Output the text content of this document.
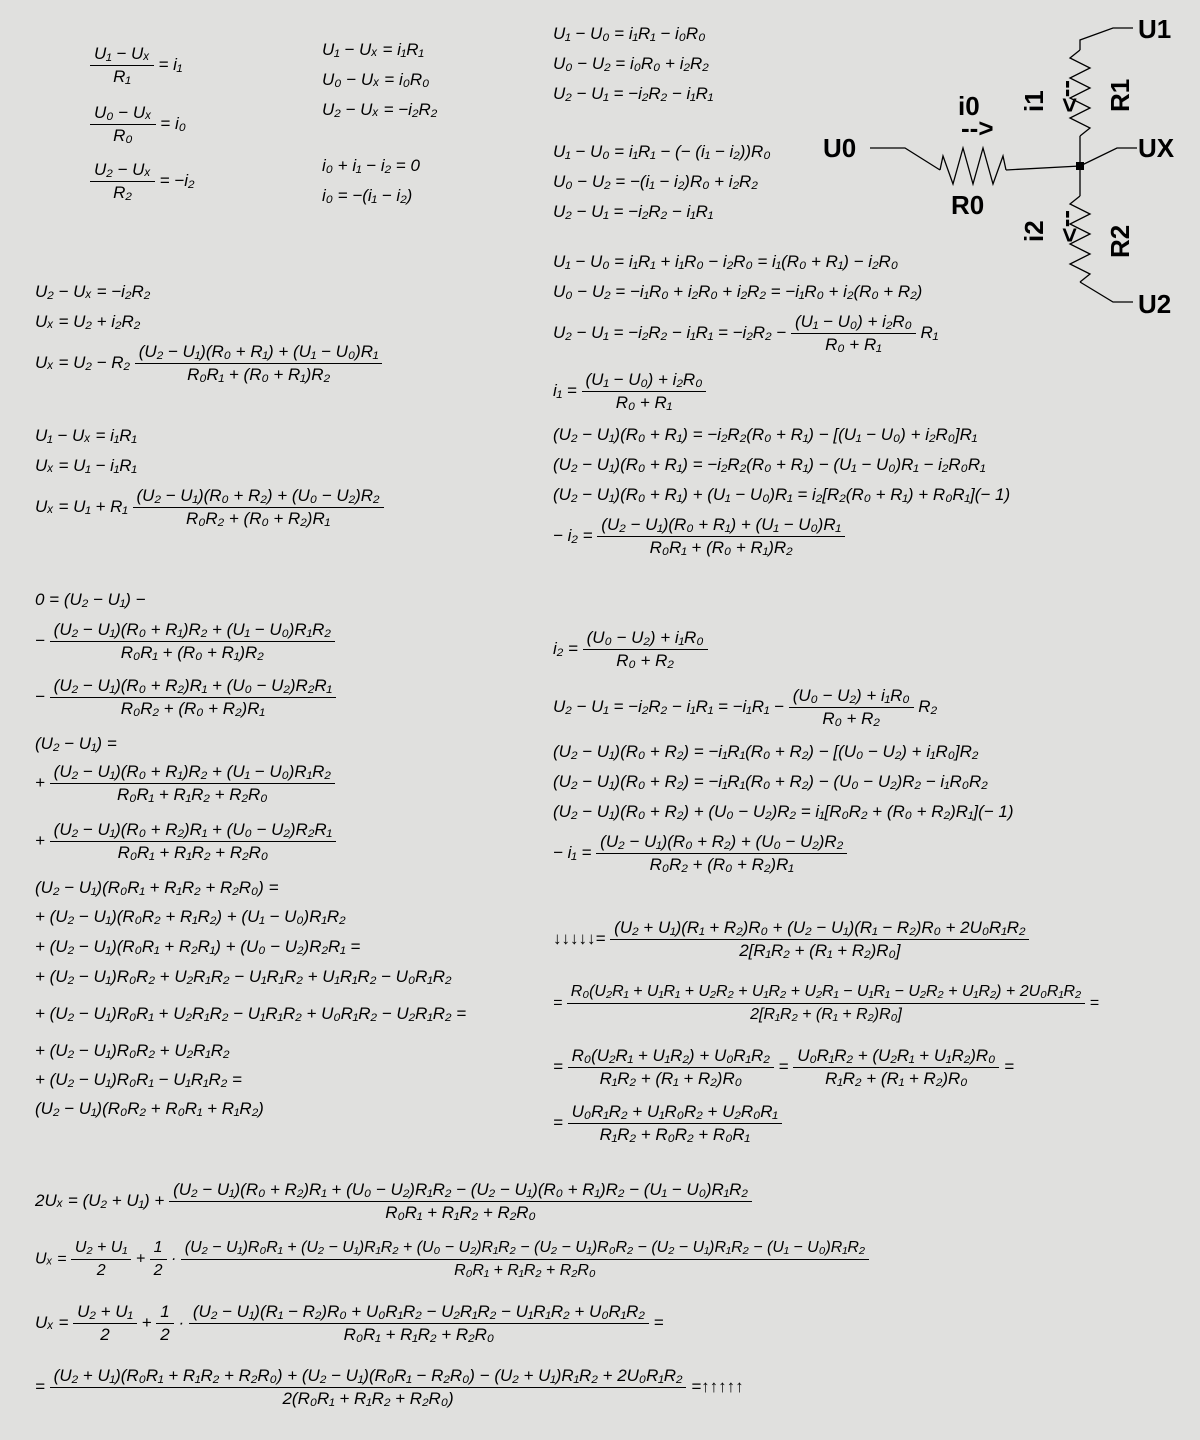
U0
U1
UX
U2
R0
R1
R2
i0
-->
i1 -->
i2 -->
$\frac{\text{U₁ − Uₓ}}{\text{R₁}} = i_1$
$\frac{\text{U₀ − Uₓ}}{\text{R₀}} = i_0$
$\frac{\text{U₂ − Uₓ}}{\text{R₂}} = -i_2$
U₁ − Uₓ = i₁R₁
U₀ − Uₓ = i₀R₀
U₂ − Uₓ = −i₂R₂
i₀ + i₁ − i₂ = 0
i₀ = −(i₁ − i₂)
U₁ − U₀ = i₁R₁ − i₀R₀
U₀ − U₂ = i₀R₀ + i₂R₂
U₂ − U₁ = −i₂R₂ − i₁R₁
U₁ − U₀ = i₁R₁ − (− (i₁ − i₂))R₀
U₀ − U₂ = −(i₁ − i₂)R₀ + i₂R₂
U₂ − U₁ = −i₂R₂ − i₁R₁
U₁ − U₀ = i₁R₁ + i₁R₀ − i₂R₀ = i₁(R₀ + R₁) − i₂R₀
U₀ − U₂ = −i₁R₀ + i₂R₀ + i₂R₂ = −i₁R₀ + i₂(R₀ + R₂)
$U_2 - U_1 = -i_2R_2 - i_1R_1 = -i_2R_2 - \frac{\text{(U₁ − U₀) + i₂R₀}}{\text{R₀ + R₁}} R_1$
$i_1 = \frac{\text{(U₁ − U₀) + i₂R₀}}{\text{R₀ + R₁}}$
(U₂ − U₁)(R₀ + R₁) = −i₂R₂(R₀ + R₁) − [(U₁ − U₀) + i₂R₀]R₁
(U₂ − U₁)(R₀ + R₁) = −i₂R₂(R₀ + R₁) − (U₁ − U₀)R₁ − i₂R₀R₁
(U₂ − U₁)(R₀ + R₁) + (U₁ − U₀)R₁ = i₂[R₂(R₀ + R₁) + R₀R₁](− 1)
− $i_2 = \frac{\text{(U₂ − U₁)(R₀ + R₁) + (U₁ − U₀)R₁}}{\text{R₀R₁ + (R₀ + R₁)R₂}}$
U₂ − Uₓ = −i₂R₂
Uₓ = U₂ + i₂R₂
$U_x = U_2 - R_2 \frac{\text{(U₂ − U₁)(R₀ + R₁) + (U₁ − U₀)R₁}}{\text{R₀R₁ + (R₀ + R₁)R₂}}$
U₁ − Uₓ = i₁R₁
Uₓ = U₁ − i₁R₁
$U_x = U_1 + R_1 \frac{\text{(U₂ − U₁)(R₀ + R₂) + (U₀ − U₂)R₂}}{\text{R₀R₂ + (R₀ + R₂)R₁}}$
0 = (U₂ − U₁) −
− $\frac{\text{(U₂ − U₁)(R₀ + R₁)R₂ + (U₁ − U₀)R₁R₂}}{\text{R₀R₁ + (R₀ + R₁)R₂}}$
− $\frac{\text{(U₂ − U₁)(R₀ + R₂)R₁ + (U₀ − U₂)R₂R₁}}{\text{R₀R₂ + (R₀ + R₂)R₁}}$
(U₂ − U₁) =
+ $\frac{\text{(U₂ − U₁)(R₀ + R₁)R₂ + (U₁ − U₀)R₁R₂}}{\text{R₀R₁ + R₁R₂ + R₂R₀}}$
+ $\frac{\text{(U₂ − U₁)(R₀ + R₂)R₁ + (U₀ − U₂)R₂R₁}}{\text{R₀R₁ + R₁R₂ + R₂R₀}}$
(U₂ − U₁)(R₀R₁ + R₁R₂ + R₂R₀) =
+ (U₂ − U₁)(R₀R₂ + R₁R₂) + (U₁ − U₀)R₁R₂
+ (U₂ − U₁)(R₀R₁ + R₂R₁) + (U₀ − U₂)R₂R₁ =
+ (U₂ − U₁)R₀R₂ + U₂R₁R₂ − U₁R₁R₂ + U₁R₁R₂ − U₀R₁R₂
+ (U₂ − U₁)R₀R₁ + U₂R₁R₂ − U₁R₁R₂ + U₀R₁R₂ − U₂R₁R₂ =
+ (U₂ − U₁)R₀R₂ + U₂R₁R₂
+ (U₂ − U₁)R₀R₁ − U₁R₁R₂ =
(U₂ − U₁)(R₀R₂ + R₀R₁ + R₁R₂)
$i_2 = \frac{\text{(U₀ − U₂) + i₁R₀}}{\text{R₀ + R₂}}$
$U_2 - U_1 = -i_2R_2 - i_1R_1 = -i_1R_1 - \frac{\text{(U₀ − U₂) + i₁R₀}}{\text{R₀ + R₂}} R_2$
(U₂ − U₁)(R₀ + R₂) = −i₁R₁(R₀ + R₂) − [(U₀ − U₂) + i₁R₀]R₂
(U₂ − U₁)(R₀ + R₂) = −i₁R₁(R₀ + R₂) − (U₀ − U₂)R₂ − i₁R₀R₂
(U₂ − U₁)(R₀ + R₂) + (U₀ − U₂)R₂ = i₁[R₀R₂ + (R₀ + R₂)R₁](− 1)
− $i_1 = \frac{\text{(U₂ − U₁)(R₀ + R₂) + (U₀ − U₂)R₂}}{\text{R₀R₂ + (R₀ + R₂)R₁}}$
↓↓↓↓↓= $\frac{\text{(U₂ + U₁)(R₁ + R₂)R₀ + (U₂ − U₁)(R₁ − R₂)R₀ + 2U₀R₁R₂}}{\text{2[R₁R₂ + (R₁ + R₂)R₀]}}$
=
R₀(U₂R₁ + U₁R₁ + U₂R₂ + U₁R₂ + U₂R₁ − U₁R₁ − U₂R₂ + U₁R₂) + 2U₀R₁R₂
2[R₁R₂ + (R₁ + R₂)R₀]
=
= $\frac{\text{R₀(U₂R₁ + U₁R₂) + U₀R₁R₂}}{\text{R₁R₂ + (R₁ + R₂)R₀}} = \frac{\text{U₀R₁R₂ + (U₂R₁ + U₁R₂)R₀}}{\text{R₁R₂ + (R₁ + R₂)R₀}}$ =
= $\frac{\text{U₀R₁R₂ + U₁R₀R₂ + U₂R₀R₁}}{\text{R₁R₂ + R₀R₂ + R₀R₁}}$
2Uₓ = (U₂ + U₁) +
(U₂ − U₁)(R₀ + R₂)R₁ + (U₀ − U₂)R₁R₂ − (U₂ − U₁)(R₀ + R₁)R₂ − (U₁ − U₀)R₁R₂
R₀R₁ + R₁R₂ + R₂R₀
$U_x = \frac{\text{U₂ + U₁}}{2} + \frac{1}{2}$ ·
(U₂ − U₁)R₀R₁ + (U₂ − U₁)R₁R₂ + (U₀ − U₂)R₁R₂ − (U₂ − U₁)R₀R₂ − (U₂ − U₁)R₁R₂ − (U₁ − U₀)R₁R₂
R₀R₁ + R₁R₂ + R₂R₀
$U_x = \frac{\text{U₂ + U₁}}{2} + \frac{1}{2} \cdot \frac{\text{(U₂ − U₁)(R₁ − R₂)R₀ + U₀R₁R₂ − U₂R₁R₂ − U₁R₁R₂ + U₀R₁R₂}}{\text{R₀R₁ + R₁R₂ + R₂R₀}}$ =
=
(U₂ + U₁)(R₀R₁ + R₁R₂ + R₂R₀) + (U₂ − U₁)(R₀R₁ − R₂R₀) − (U₂ + U₁)R₁R₂ + 2U₀R₁R₂
2(R₀R₁ + R₁R₂ + R₂R₀)
=↑↑↑↑↑
